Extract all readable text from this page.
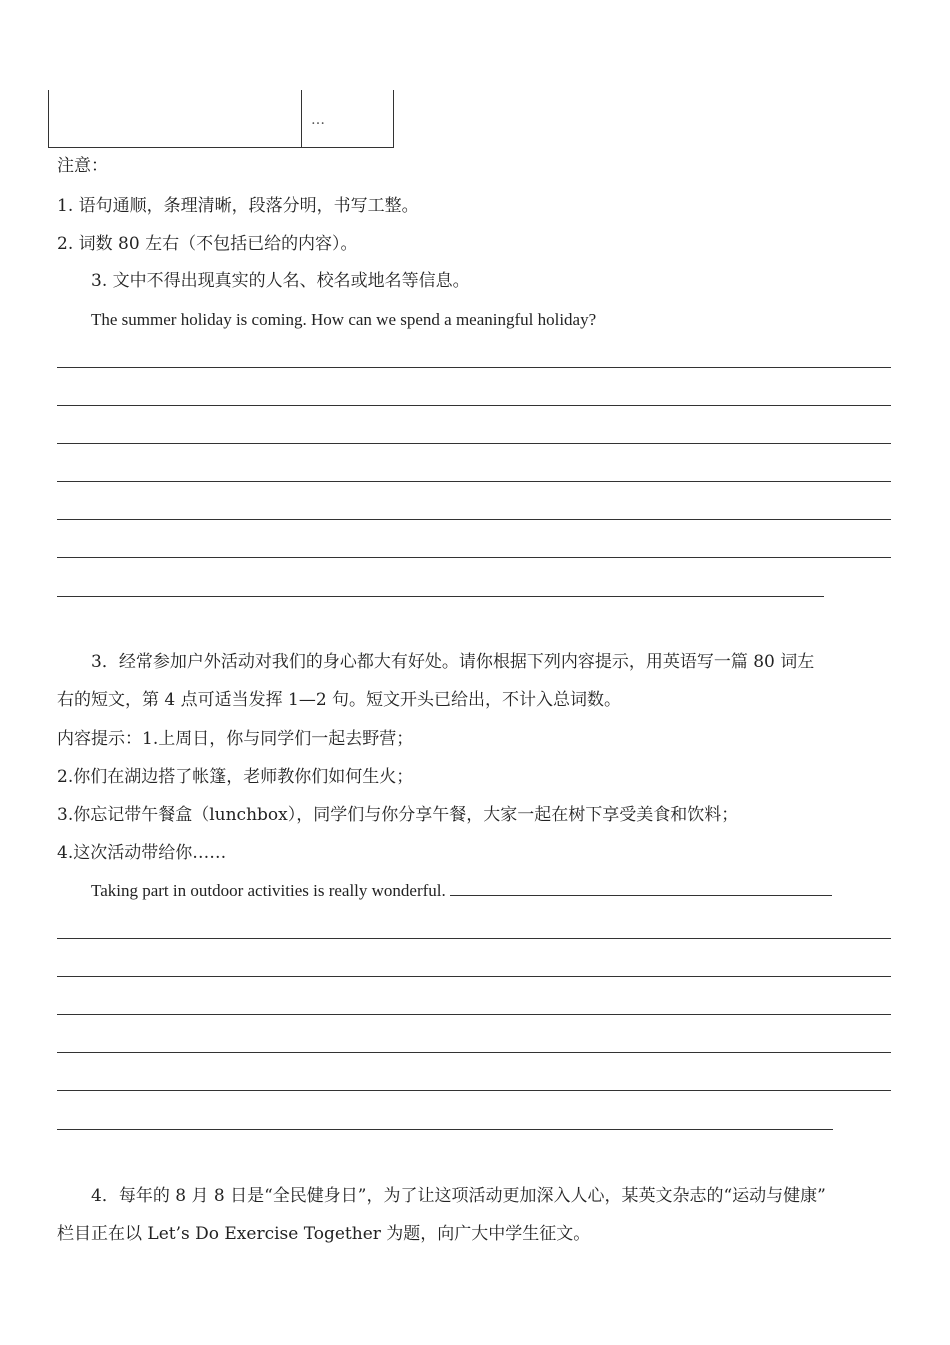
…
注意：
1. 语句通顺，条理清晰，段落分明，书写工整。
2. 词数 80 左右（不包括已给的内容）。
3. 文中不得出现真实的人名、校名或地名等信息。
The summer holiday is coming. How can we spend a meaningful holiday?
3．经常参加户外活动对我们的身心都大有好处。请你根据下列内容提示，用英语写一篇 80 词左
右的短文，第 4 点可适当发挥 1—2 句。短文开头已给出，不计入总词数。
内容提示：1.上周日，你与同学们一起去野营；
2.你们在湖边搭了帐篷，老师教你们如何生火；
3.你忘记带午餐盒（lunchbox），同学们与你分享午餐，大家一起在树下享受美食和饮料；
4.这次活动带给你……
Taking part in outdoor activities is really wonderful.
4．每年的 8 月 8 日是“全民健身日”，为了让这项活动更加深入人心，某英文杂志的“运动与健康”
栏目正在以 Let’s Do Exercise Together 为题，向广大中学生征文。
